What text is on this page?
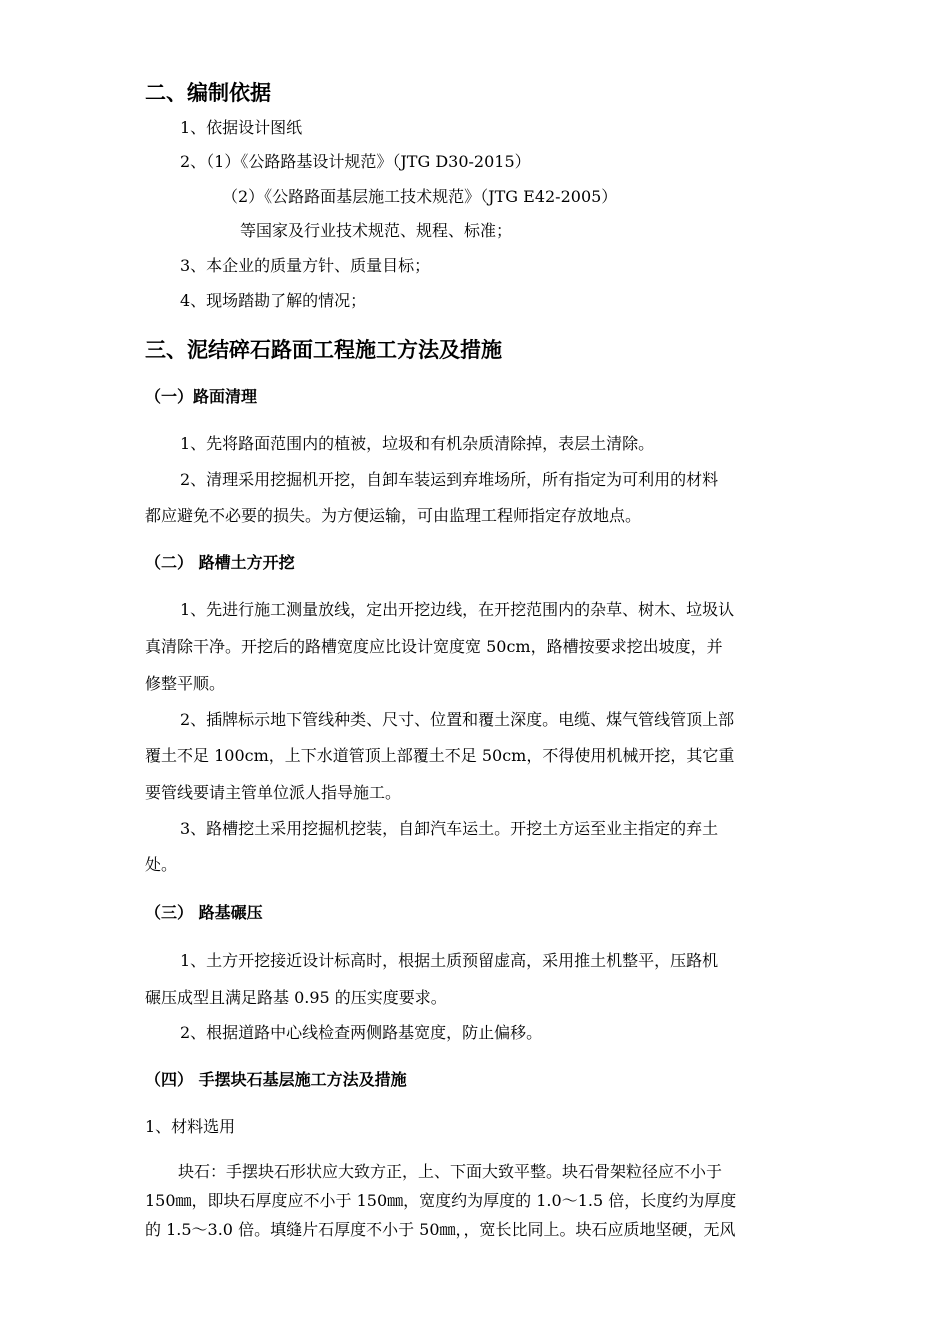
二、编制依据
1、依据设计图纸
2、（1）《公路路基设计规范》（JTG D30-2015）
（2）《公路路面基层施工技术规范》（JTG E42-2005）
等国家及行业技术规范、规程、标准；
3、本企业的质量方针、质量目标；
4、现场踏勘了解的情况；
三、泥结碎石路面工程施工方法及措施
（一）路面清理
1、先将路面范围内的植被，垃圾和有机杂质清除掉，表层土清除。
2、清理采用挖掘机开挖，自卸车装运到弃堆场所，所有指定为可利用的材料
都应避免不必要的损失。为方便运输，可由监理工程师指定存放地点。
（二） 路槽土方开挖
1、先进行施工测量放线，定出开挖边线，在开挖范围内的杂草、树木、垃圾认
真清除干净。开挖后的路槽宽度应比设计宽度宽 50cm，路槽按要求挖出坡度，并
修整平顺。
2、插牌标示地下管线种类、尺寸、位置和覆土深度。电缆、煤气管线管顶上部
覆土不足 100cm，上下水道管顶上部覆土不足 50cm，不得使用机械开挖，其它重
要管线要请主管单位派人指导施工。
3、路槽挖土采用挖掘机挖装，自卸汽车运土。开挖土方运至业主指定的弃土
处。
（三） 路基碾压
1、土方开挖接近设计标高时，根据土质预留虚高，采用推土机整平，压路机
碾压成型且满足路基 0.95 的压实度要求。
2、根据道路中心线检查两侧路基宽度，防止偏移。
（四） 手摆块石基层施工方法及措施
1、材料选用
块石：手摆块石形状应大致方正，上、下面大致平整。块石骨架粒径应不小于
150㎜，即块石厚度应不小于 150㎜，宽度约为厚度的 1.0～1.5 倍，长度约为厚度
的 1.5～3.0 倍。填缝片石厚度不小于 50㎜，，宽长比同上。块石应质地坚硬，无风
